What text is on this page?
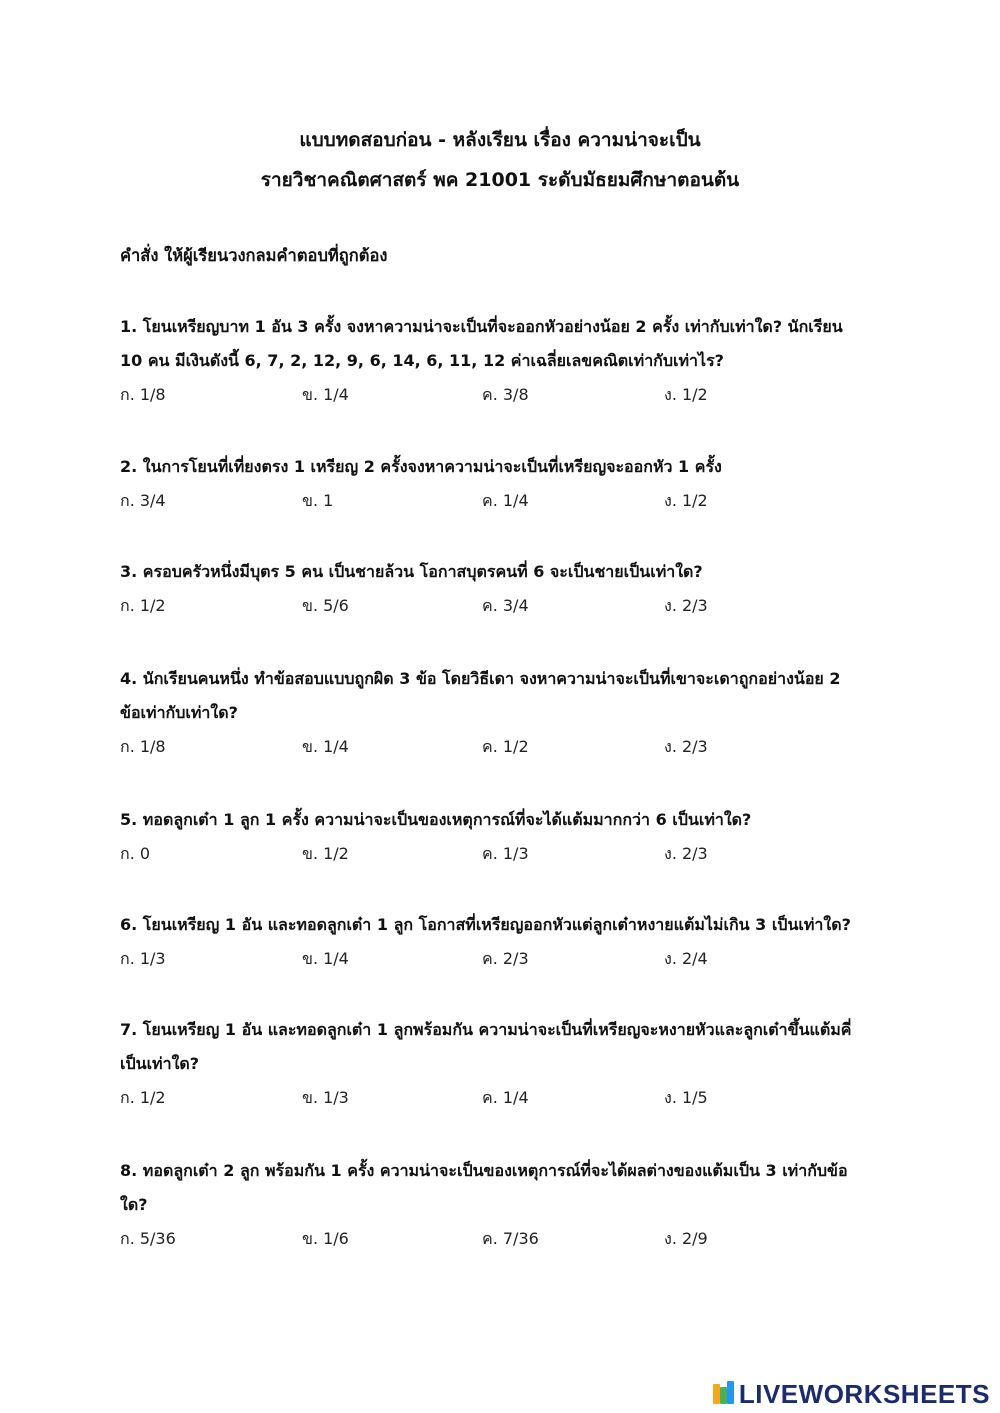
แบบทดสอบก่อน - หลังเรียน เรื่อง ความน่าจะเป็น
รายวิชาคณิตศาสตร์ พค 21001 ระดับมัธยมศึกษาตอนต้น
คำสั่ง ให้ผู้เรียนวงกลมคำตอบที่ถูกต้อง

1. โยนเหรียญบาท 1 อัน 3 ครั้ง จงหาความน่าจะเป็นที่จะออกหัวอย่างน้อย 2 ครั้ง เท่ากับเท่าใด? นักเรียน

10 คน มีเงินดังนี้ 6, 7, 2, 12, 9, 6, 14, 6, 11, 12 ค่าเฉลี่ยเลขคณิตเท่ากับเท่าไร?

ก. 1/8	ข. 1/4	ค. 3/8	ง. 1/2

2. ในการโยนที่เที่ยงตรง 1 เหรียญ 2 ครั้งจงหาความน่าจะเป็นที่เหรียญจะออกหัว 1 ครั้ง

ก. 3/4	ข. 1	ค. 1/4	ง. 1/2

3. ครอบครัวหนึ่งมีบุตร 5 คน เป็นชายล้วน โอกาสบุตรคนที่ 6 จะเป็นชายเป็นเท่าใด?

ก. 1/2	ข. 5/6	ค. 3/4	ง. 2/3

4. นักเรียนคนหนึ่ง ทำข้อสอบแบบถูกผิด 3 ข้อ โดยวิธีเดา จงหาความน่าจะเป็นที่เขาจะเดาถูกอย่างน้อย 2

ข้อเท่ากับเท่าใด?

ก. 1/8	ข. 1/4	ค. 1/2	ง. 2/3

5. ทอดลูกเต๋า 1 ลูก 1 ครั้ง ความน่าจะเป็นของเหตุการณ์ที่จะได้แต้มมากกว่า 6 เป็นเท่าใด?

ก. 0	ข. 1/2	ค. 1/3	ง. 2/3

6. โยนเหรียญ 1 อัน และทอดลูกเต๋า 1 ลูก โอกาสที่เหรียญออกหัวแต่ลูกเต๋าหงายแต้มไม่เกิน 3 เป็นเท่าใด?

ก. 1/3	ข. 1/4	ค. 2/3	ง. 2/4

7. โยนเหรียญ 1 อัน และทอดลูกเต๋า 1 ลูกพร้อมกัน ความน่าจะเป็นที่เหรียญจะหงายหัวและลูกเต๋าขึ้นแต้มคี่

เป็นเท่าใด?

ก. 1/2	ข. 1/3	ค. 1/4	ง. 1/5

8. ทอดลูกเต๋า 2 ลูก พร้อมกัน 1 ครั้ง ความน่าจะเป็นของเหตุการณ์ที่จะได้ผลต่างของแต้มเป็น 3 เท่ากับข้อ

ใด?

ก. 5/36	ข. 1/6	ค. 7/36	ง. 2/9
LIVEWORKSHEETS
